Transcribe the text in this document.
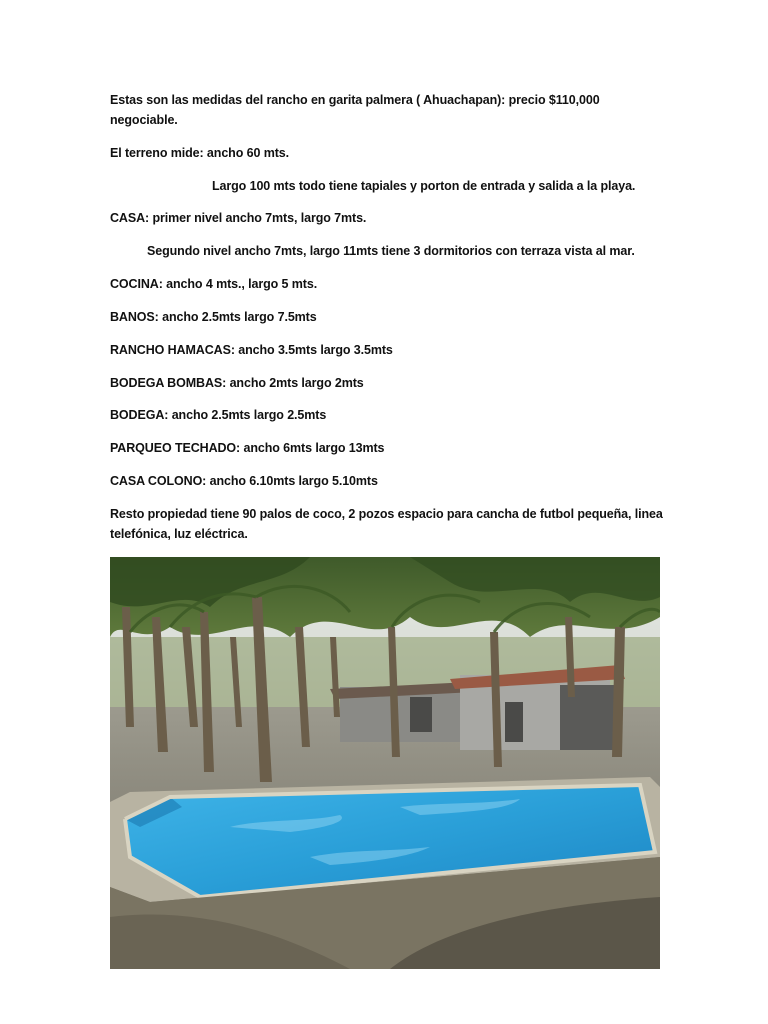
Estas son las medidas del rancho en garita palmera ( Ahuachapan): precio $110,000 negociable.
El terreno mide: ancho 60 mts.
Largo 100 mts todo tiene tapiales y porton de entrada y salida a la playa.
CASA: primer nivel ancho 7mts, largo 7mts.
Segundo nivel ancho 7mts, largo 11mts tiene 3 dormitorios con terraza vista al mar.
COCINA: ancho 4 mts., largo 5 mts.
BANOS: ancho 2.5mts largo 7.5mts
RANCHO HAMACAS: ancho 3.5mts largo 3.5mts
BODEGA BOMBAS: ancho 2mts largo 2mts
BODEGA: ancho 2.5mts largo 2.5mts
PARQUEO TECHADO: ancho 6mts largo 13mts
CASA COLONO: ancho 6.10mts largo 5.10mts
Resto propiedad tiene 90 palos de coco, 2 pozos espacio para cancha de futbol pequeña, linea telefónica, luz eléctrica.
